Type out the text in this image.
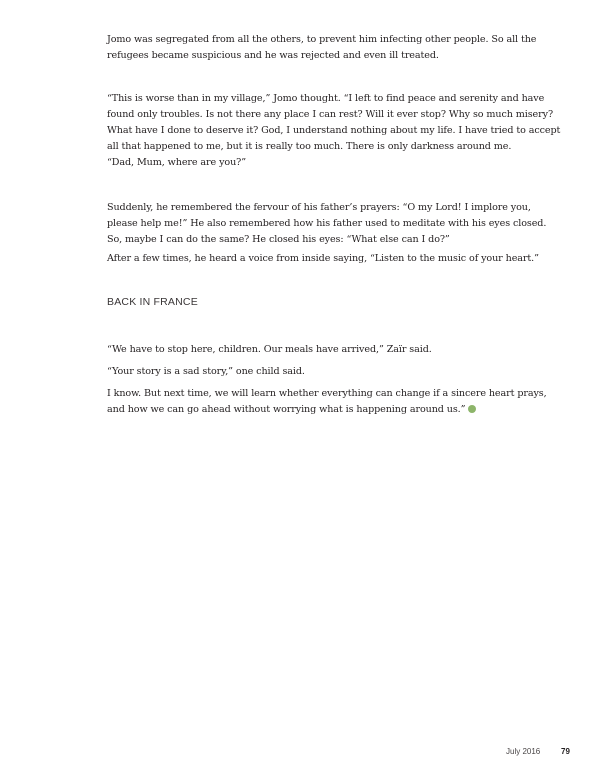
Jomo was segregated from all the others, to prevent him infecting other people. So all the refugees became suspicious and he was rejected and even ill treated.

“This is worse than in my village,” Jomo thought. “I left to find peace and serenity and have found only troubles. Is not there any place I can rest? Will it ever stop? Why so much misery? What have I done to deserve it? God, I understand nothing about my life. I have tried to accept all that happened to me, but it is really too much. There is only darkness around me.

“Dad, Mum, where are you?”

Suddenly, he remembered the fervour of his father’s prayers: “O my Lord! I implore you, please help me!” He also remembered how his father used to meditate with his eyes closed. So, maybe I can do the same? He closed his eyes: “What else can I do?”

After a few times, he heard a voice from inside saying, “Listen to the music of your heart.”

BACK IN FRANCE

“We have to stop here, children. Our meals have arrived,” Zaïr said.

“Your story is a sad story,” one child said.

I know. But next time, we will learn whether everything can change if a sincere heart prays, and how we can go ahead without worrying what is happening around us.”

July 2016	79
